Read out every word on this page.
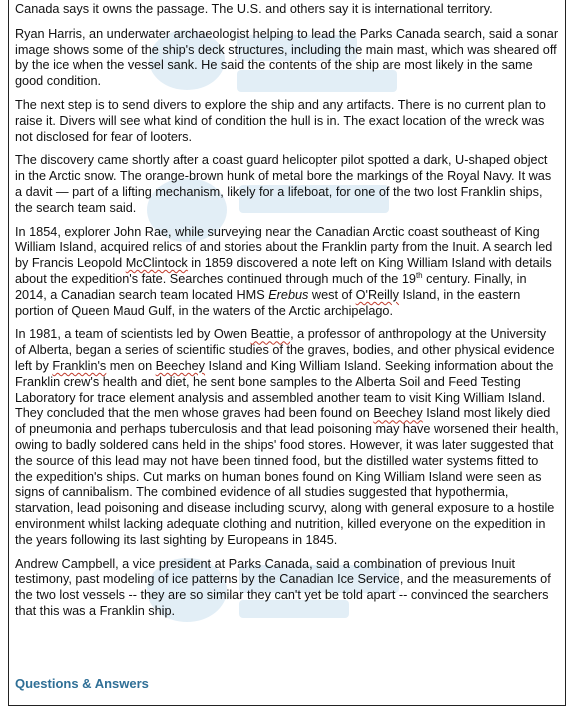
Canada says it owns the passage. The U.S. and others say it is international territory.

Ryan Harris, an underwater archaeologist helping to lead the Parks Canada search, said a sonar image shows some of the ship's deck structures, including the main mast, which was sheared off by the ice when the vessel sank. He said the contents of the ship are most likely in the same good condition.

The next step is to send divers to explore the ship and any artifacts. There is no current plan to raise it. Divers will see what kind of condition the hull is in. The exact location of the wreck was not disclosed for fear of looters.

The discovery came shortly after a coast guard helicopter pilot spotted a dark, U-shaped object in the Arctic snow. The orange-brown hunk of metal bore the markings of the Royal Navy. It was a davit — part of a lifting mechanism, likely for a lifeboat, for one of the two lost Franklin ships, the search team said.

In 1854, explorer John Rae, while surveying near the Canadian Arctic coast southeast of King William Island, acquired relics of and stories about the Franklin party from the Inuit. A search led by Francis Leopold McClintock in 1859 discovered a note left on King William Island with details about the expedition's fate. Searches continued through much of the 19th century. Finally, in 2014, a Canadian search team located HMS Erebus west of O'Reilly Island, in the eastern portion of Queen Maud Gulf, in the waters of the Arctic archipelago.

In 1981, a team of scientists led by Owen Beattie, a professor of anthropology at the University of Alberta, began a series of scientific studies of the graves, bodies, and other physical evidence left by Franklin's men on Beechey Island and King William Island. Seeking information about the Franklin crew's health and diet, he sent bone samples to the Alberta Soil and Feed Testing Laboratory for trace element analysis and assembled another team to visit King William Island. They concluded that the men whose graves had been found on Beechey Island most likely died of pneumonia and perhaps tuberculosis and that lead poisoning may have worsened their health, owing to badly soldered cans held in the ships' food stores. However, it was later suggested that the source of this lead may not have been tinned food, but the distilled water systems fitted to the expedition's ships. Cut marks on human bones found on King William Island were seen as signs of cannibalism. The combined evidence of all studies suggested that hypothermia, starvation, lead poisoning and disease including scurvy, along with general exposure to a hostile environment whilst lacking adequate clothing and nutrition, killed everyone on the expedition in the years following its last sighting by Europeans in 1845.

Andrew Campbell, a vice president at Parks Canada, said a combination of previous Inuit testimony, past modeling of ice patterns by the Canadian Ice Service, and the measurements of the two lost vessels -- they are so similar they can't yet be told apart -- convinced the searchers that this was a Franklin ship.

Questions & Answers
